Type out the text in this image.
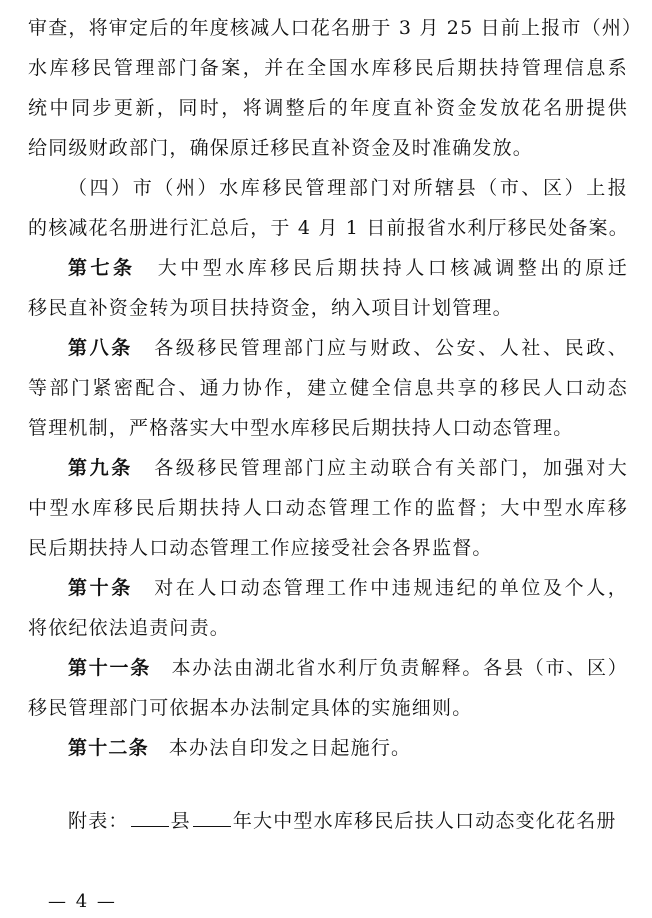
审查，将审定后的年度核减人口花名册于 3 月 25 日前上报市（州）
水库移民管理部门备案，并在全国水库移民后期扶持管理信息系
统中同步更新，同时，将调整后的年度直补资金发放花名册提供
给同级财政部门，确保原迁移民直补资金及时准确发放。
（四）市（州）水库移民管理部门对所辖县（市、区）上报
的核减花名册进行汇总后，于 4 月 1 日前报省水利厅移民处备案。
第七条 大中型水库移民后期扶持人口核减调整出的原迁
移民直补资金转为项目扶持资金，纳入项目计划管理。
第八条 各级移民管理部门应与财政、公安、人社、民政、
等部门紧密配合、通力协作，建立健全信息共享的移民人口动态
管理机制，严格落实大中型水库移民后期扶持人口动态管理。
第九条 各级移民管理部门应主动联合有关部门，加强对大
中型水库移民后期扶持人口动态管理工作的监督；大中型水库移
民后期扶持人口动态管理工作应接受社会各界监督。
第十条 对在人口动态管理工作中违规违纪的单位及个人，
将依纪依法追责问责。
第十一条 本办法由湖北省水利厅负责解释。各县（市、区）
移民管理部门可依据本办法制定具体的实施细则。
第十二条 本办法自印发之日起施行。
附表： 县 年大中型水库移民后扶人口动态变化花名册
— 4 —
